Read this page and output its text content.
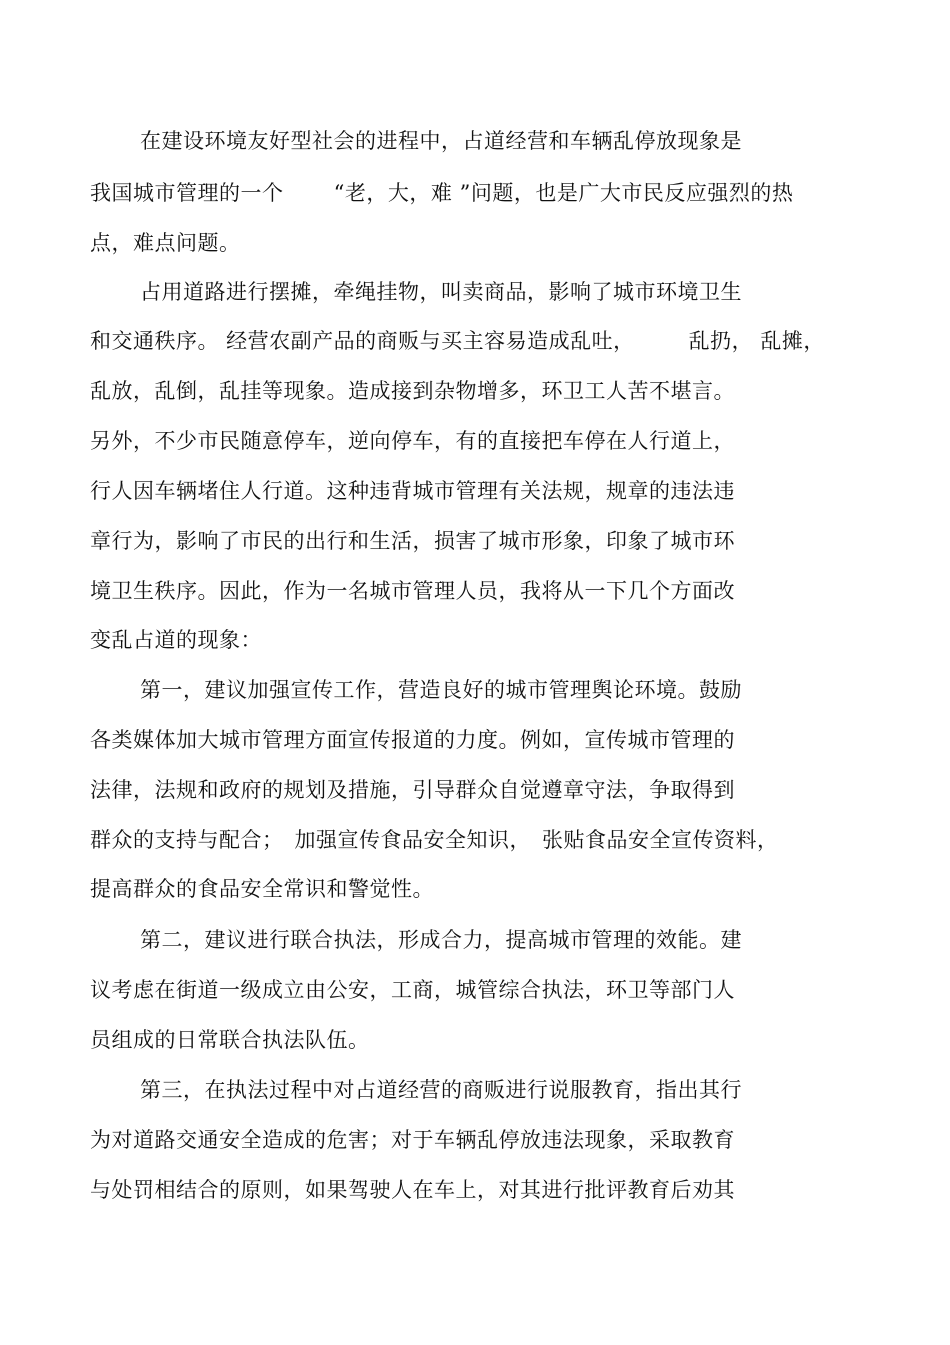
在建设环境友好型社会的进程中，占道经营和车辆乱停放现象是
我国城市管理的一个　　 “老，大，难 ”问题，也是广大市民反应强烈的热
点，难点问题。
占用道路进行摆摊，牵绳挂物，叫卖商品，影响了城市环境卫生
和交通秩序。 经营农副产品的商贩与买主容易造成乱吐，　　　乱扔， 乱摊，
乱放，乱倒，乱挂等现象。造成接到杂物增多，环卫工人苦不堪言。
另外，不少市民随意停车，逆向停车，有的直接把车停在人行道上，
行人因车辆堵住人行道。这种违背城市管理有关法规，规章的违法违
章行为，影响了市民的出行和生活，损害了城市形象，印象了城市环
境卫生秩序。因此，作为一名城市管理人员，我将从一下几个方面改
变乱占道的现象：
第一，建议加强宣传工作，营造良好的城市管理舆论环境。鼓励
各类媒体加大城市管理方面宣传报道的力度。例如，宣传城市管理的
法律，法规和政府的规划及措施，引导群众自觉遵章守法，争取得到
群众的支持与配合；　加强宣传食品安全知识，　张贴食品安全宣传资料，
提高群众的食品安全常识和警觉性。
第二，建议进行联合执法，形成合力，提高城市管理的效能。建
议考虑在街道一级成立由公安，工商，城管综合执法，环卫等部门人
员组成的日常联合执法队伍。
第三，在执法过程中对占道经营的商贩进行说服教育，指出其行
为对道路交通安全造成的危害；对于车辆乱停放违法现象，采取教育
与处罚相结合的原则，如果驾驶人在车上，对其进行批评教育后劝其
